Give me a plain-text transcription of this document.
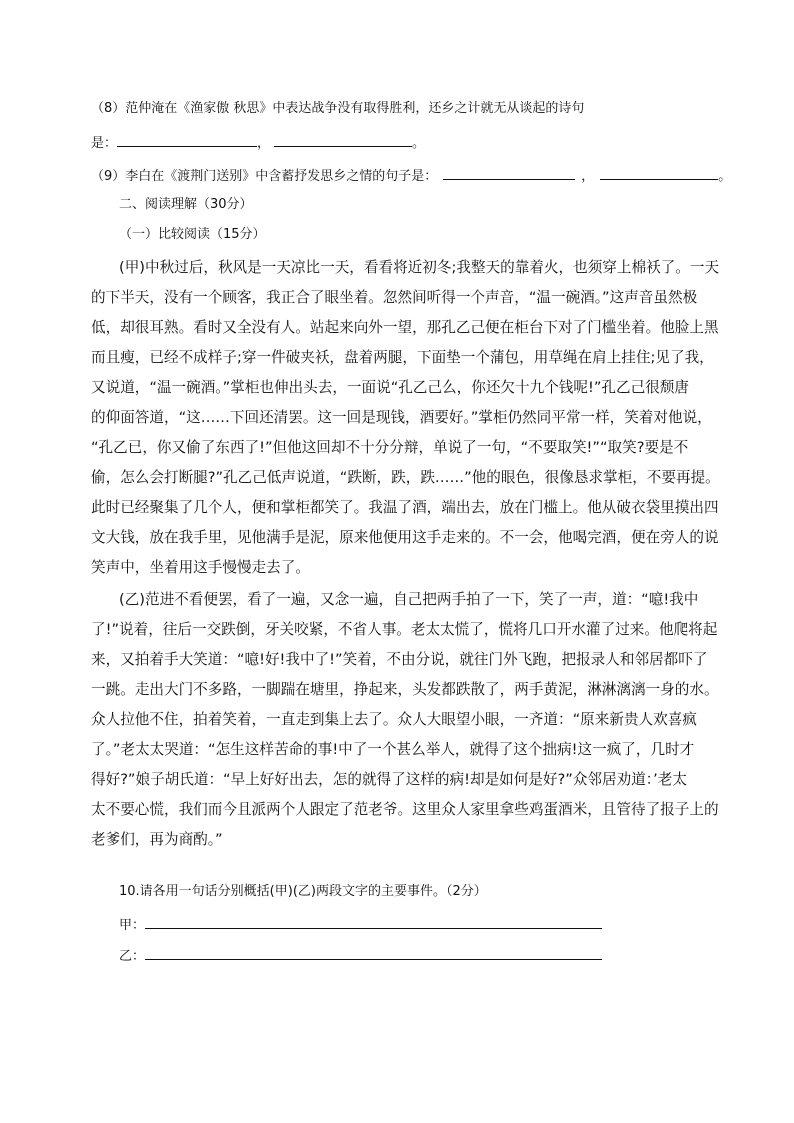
（8）范仲淹在《渔家傲 秋思》中表达战争没有取得胜利，还乡之计就无从谈起的诗句
是：	，	。
（9）李白在《渡荆门送别》中含蓄抒发思乡之情的句子是：	，	。
二、阅读理解（30分）
（一）比较阅读（15分）
(甲)中秋过后，秋风是一天凉比一天，看看将近初冬;我整天的靠着火，也须穿上棉袄了。一天
的下半天，没有一个顾客，我正合了眼坐着。忽然间听得一个声音，“温一碗酒。”这声音虽然极
低，却很耳熟。看时又全没有人。站起来向外一望，那孔乙己便在柜台下对了门槛坐着。他脸上黑
而且瘦，已经不成样子;穿一件破夹袄，盘着两腿，下面垫一个蒲包，用草绳在肩上挂住;见了我，
又说道，“温一碗酒。”掌柜也伸出头去，一面说“孔乙己么，你还欠十九个钱呢!”孔乙己很颓唐
的仰面答道，“这……下回还清罢。这一回是现钱，酒要好。”掌柜仍然同平常一样，笑着对他说，
“孔乙已，你又偷了东西了!”但他这回却不十分分辩，单说了一句，“不要取笑!”“取笑?要是不
偷，怎么会打断腿?”孔乙己低声说道，“跌断，跌，跌……”他的眼色，很像恳求掌柜，不要再提。
此时已经聚集了几个人，便和掌柜都笑了。我温了酒，端出去，放在门槛上。他从破衣袋里摸出四
文大钱，放在我手里，见他满手是泥，原来他便用这手走来的。不一会，他喝完酒，便在旁人的说
笑声中，坐着用这手慢慢走去了。
(乙)范进不看便罢，看了一遍，又念一遍，自己把两手拍了一下，笑了一声，道：“噫!我中
了!”说着，往后一交跌倒，牙关咬紧，不省人事。老太太慌了，慌将几口开水灌了过来。他爬将起
来，又拍着手大笑道：“噫!好!我中了!”笑着，不由分说，就往门外飞跑，把报录人和邻居都吓了
一跳。走出大门不多路，一脚踹在塘里，挣起来，头发都跌散了，两手黄泥，淋淋漓漓一身的水。
众人拉他不住，拍着笑着，一直走到集上去了。众人大眼望小眼，一齐道：“原来新贵人欢喜疯
了。”老太太哭道：“怎生这样苦命的事!中了一个甚么举人，就得了这个拙病!这一疯了，几时才
得好?”娘子胡氏道：“早上好好出去，怎的就得了这样的病!却是如何是好?”众邻居劝道：’老太
太不要心慌，我们而今且派两个人跟定了范老爷。这里众人家里拿些鸡蛋酒米，且管待了报子上的
老爹们，再为商酌。”
10.请各用一句话分别概括(甲)(乙)两段文字的主要事件。（2分）
甲：
乙：
